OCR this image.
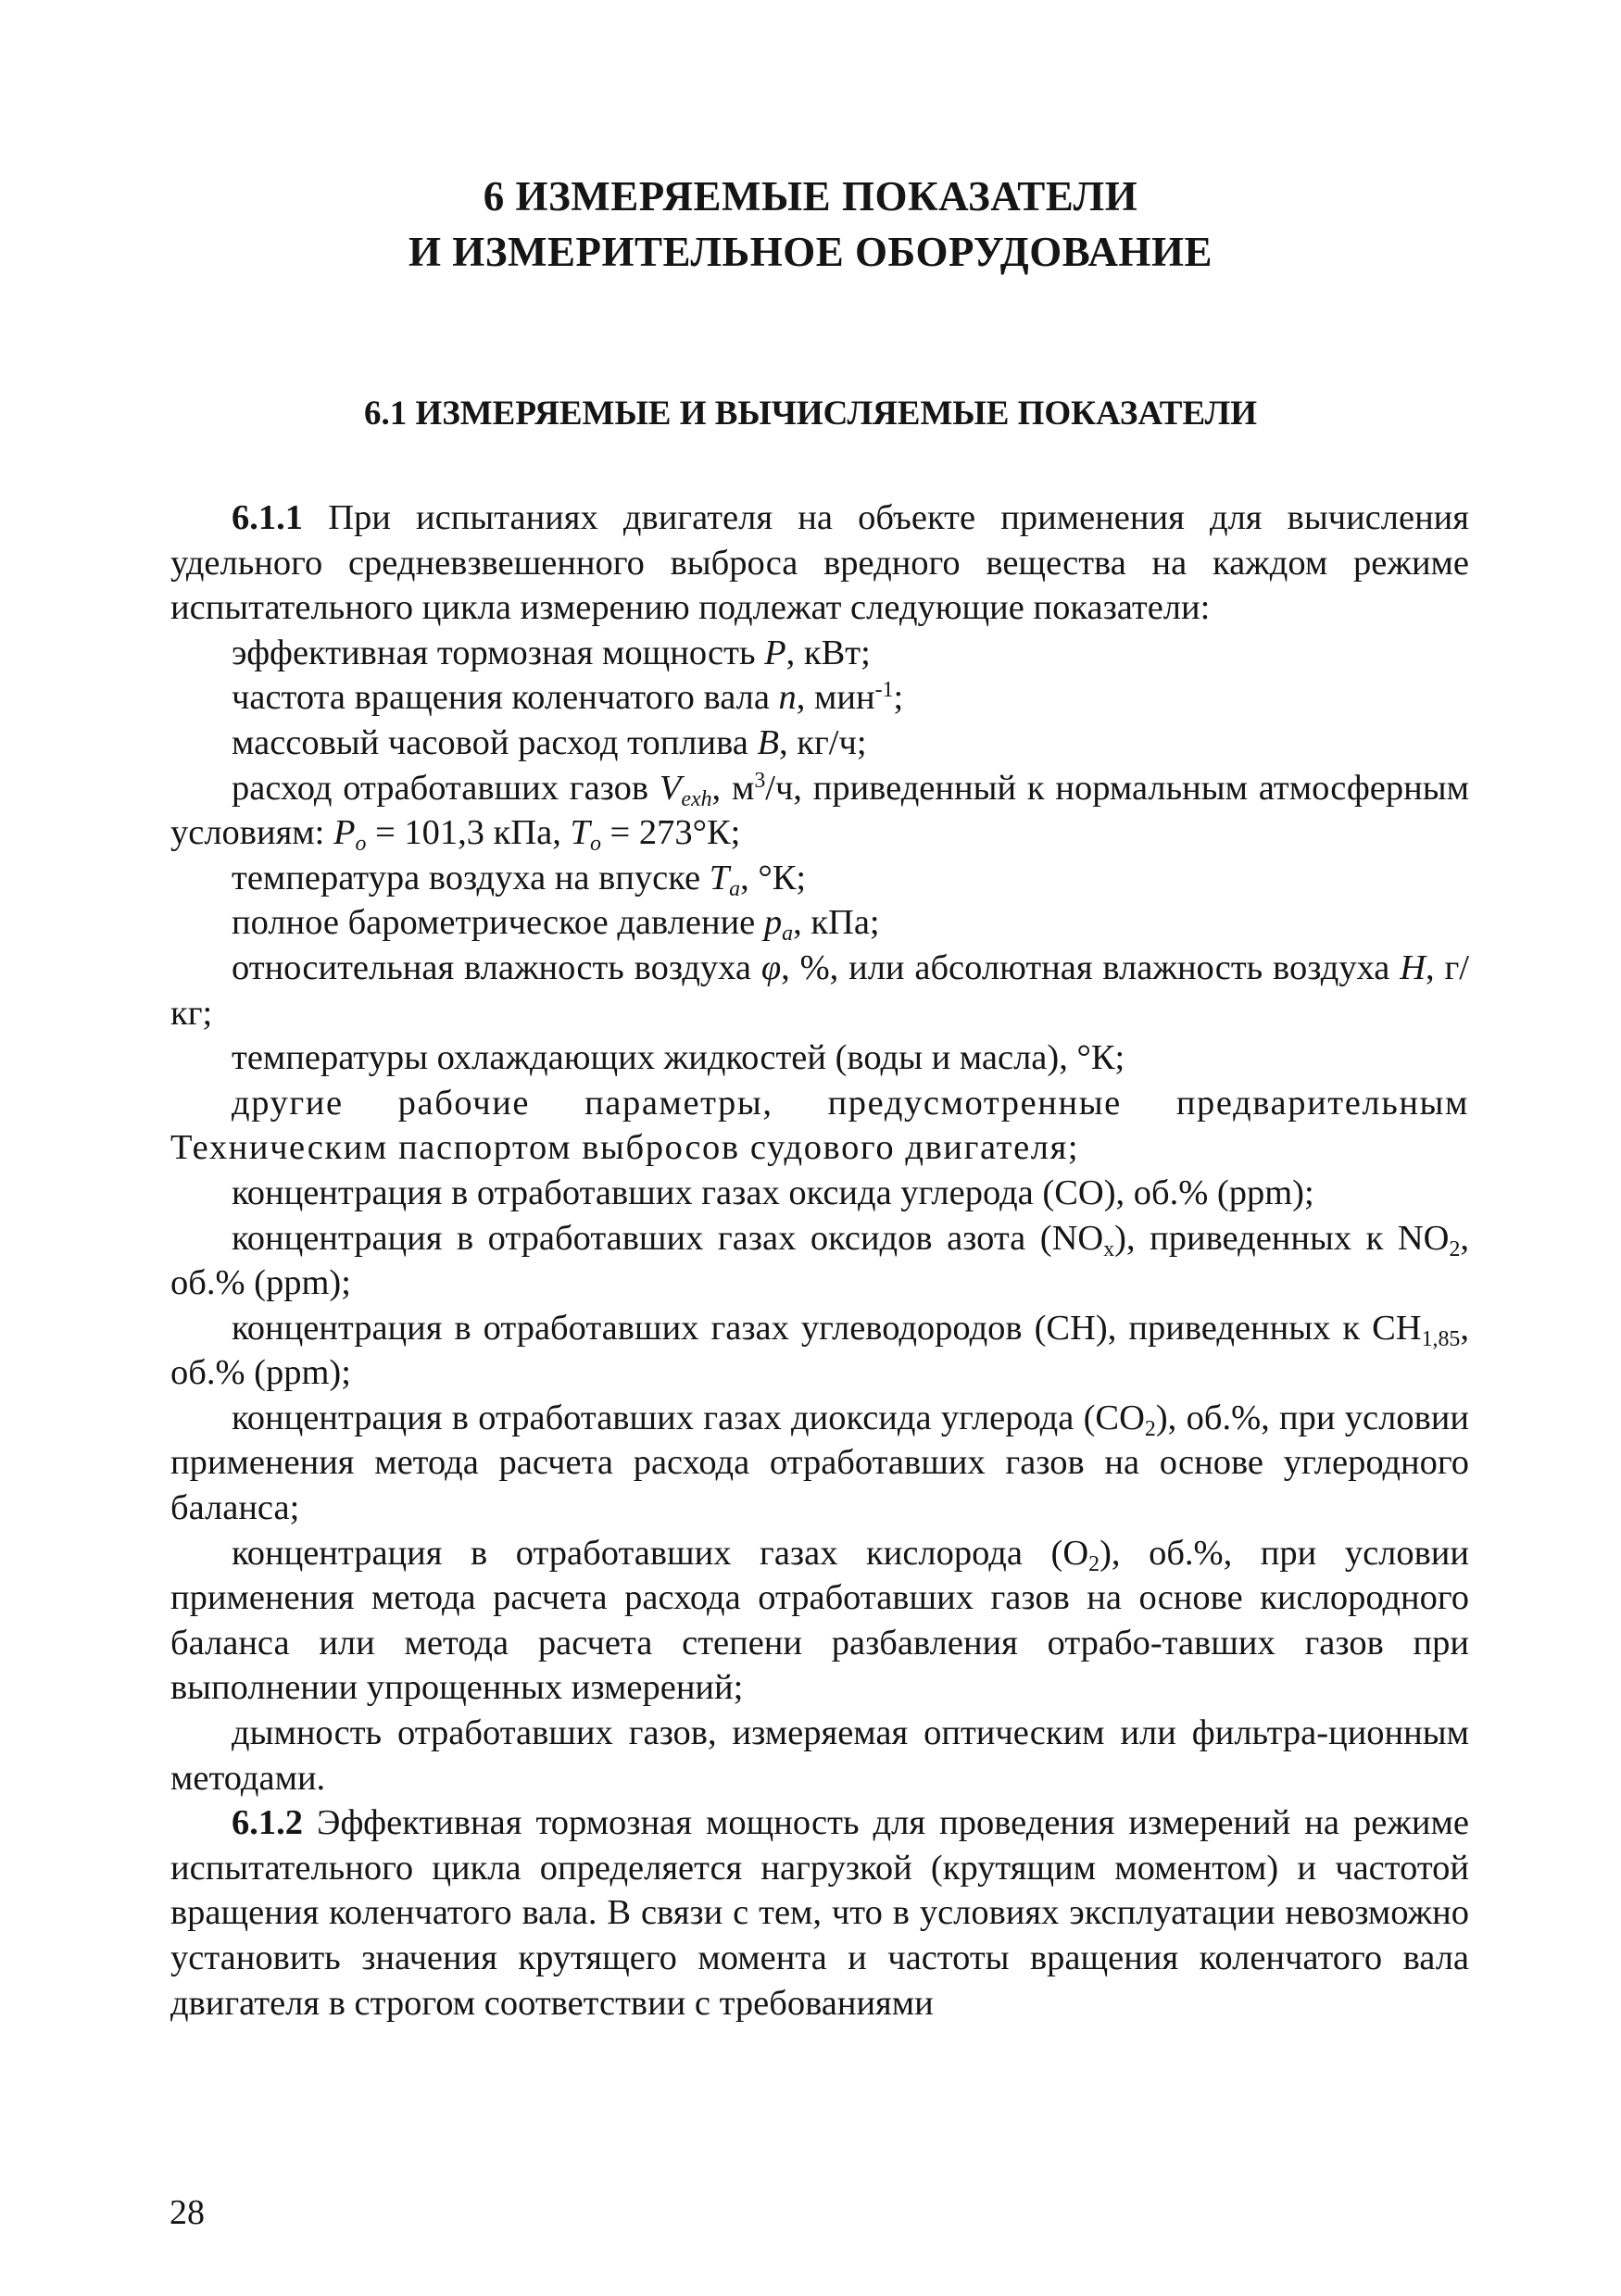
6 ИЗМЕРЯЕМЫЕ ПОКАЗАТЕЛИ
И ИЗМЕРИТЕЛЬНОЕ ОБОРУДОВАНИЕ
6.1 ИЗМЕРЯЕМЫЕ И ВЫЧИСЛЯЕМЫЕ ПОКАЗАТЕЛИ

6.1.1 При испытаниях двигателя на объекте применения для вычисления удельного средневзвешенного выброса вредного вещества на каждом режиме испытательного цикла измерению подлежат следующие показатели:

эффективная тормозная мощность P, кВт;

частота вращения коленчатого вала n, мин$^{-1}$;

массовый часовой расход топлива B, кг/ч;

расход отработавших газов $V_{exh}$, $м^3/ч$, приведенный к нормальным атмосферным условиям: $P_o = 101,3$ кПа, $T_o = 273^\circ К$;

температура воздуха на впуске $T_a$, °К;

полное барометрическое давление $p_a$, кПа;

относительная влажность воздуха φ, %, или абсолютная влажность воздуха H, г/кг;

температуры охлаждающих жидкостей (воды и масла), °К;

другие рабочие параметры, предусмотренные предварительным Техническим паспортом выбросов судового двигателя;

концентрация в отработавших газах оксида углерода (СО), об.% (ppm);

концентрация в отработавших газах оксидов азота $(NO_x)$, приведенных к $NO_2$, об.% (ppm);

концентрация в отработавших газах углеводородов (СН), приведенных к $СН_{1,85}$, об.% (ppm);

концентрация в отработавших газах диоксида углерода $(СО_2)$, об.%, при условии применения метода расчета расхода отработавших газов на основе углеродного баланса;

концентрация в отработавших газах кислорода $(О_2)$, об.%, при условии применения метода расчета расхода отработавших газов на основе кислородного баланса или метода расчета степени разбавления отрабо-тавших газов при выполнении упрощенных измерений;

дымность отработавших газов, измеряемая оптическим или фильтра-ционным методами.

6.1.2 Эффективная тормозная мощность для проведения измерений на режиме испытательного цикла определяется нагрузкой (крутящим моментом) и частотой вращения коленчатого вала. В связи с тем, что в условиях эксплуатации невозможно установить значения крутящего момента и частоты вращения коленчатого вала двигателя в строгом соответствии с требованиями

28
